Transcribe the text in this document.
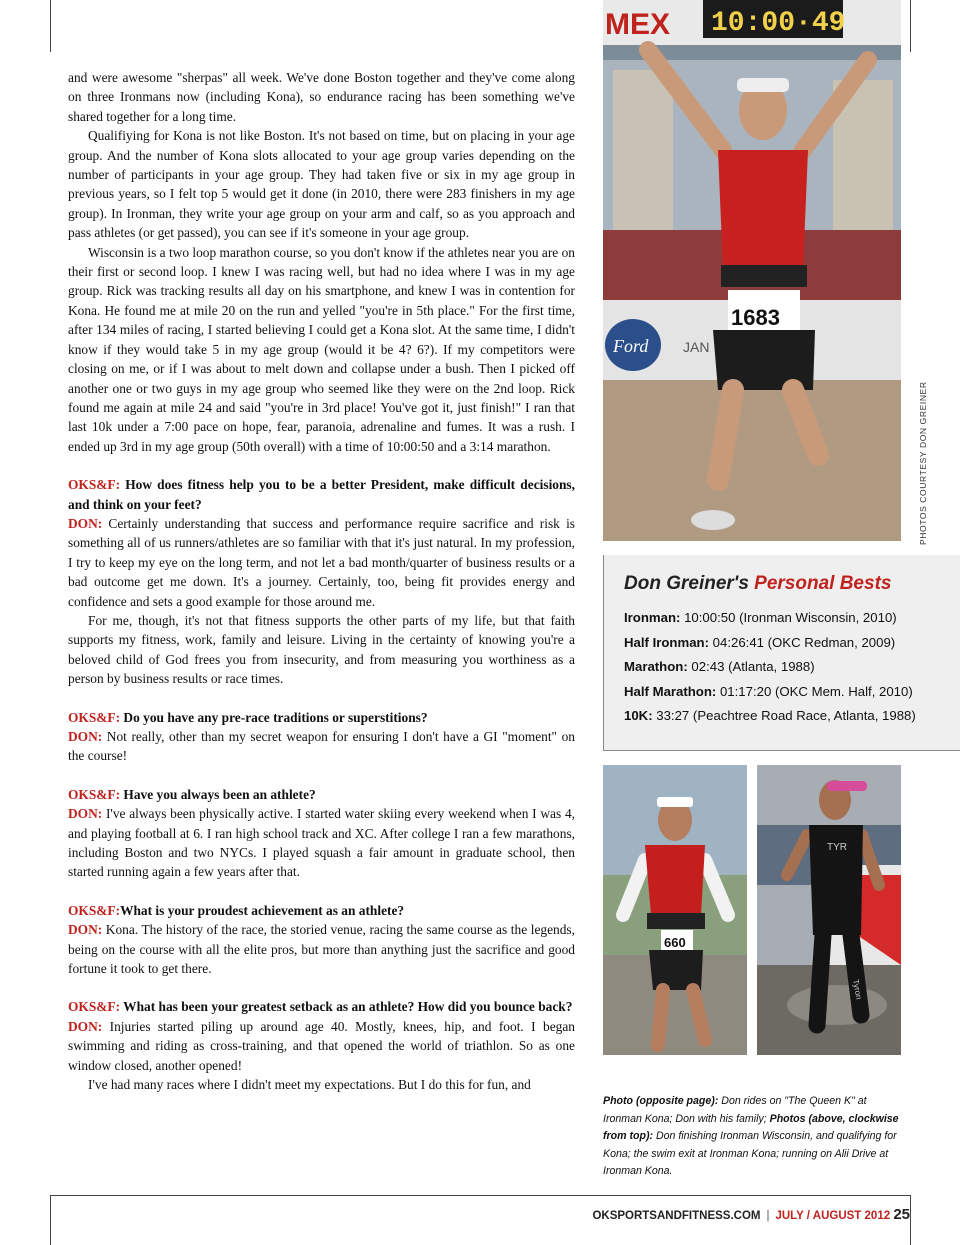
and were awesome "sherpas" all week. We've done Boston together and they've come along on three Ironmans now (including Kona), so endurance racing has been something we've shared together for a long time.

Qualifiying for Kona is not like Boston. It's not based on time, but on placing in your age group. And the number of Kona slots allocated to your age group varies depending on the number of participants in your age group. They had taken five or six in my age group in previous years, so I felt top 5 would get it done (in 2010, there were 283 finishers in my age group). In Ironman, they write your age group on your arm and calf, so as you approach and pass athletes (or get passed), you can see if it's someone in your age group.

Wisconsin is a two loop marathon course, so you don't know if the athletes near you are on their first or second loop. I knew I was racing well, but had no idea where I was in my age group. Rick was tracking results all day on his smartphone, and knew I was in contention for Kona. He found me at mile 20 on the run and yelled "you're in 5th place." For the first time, after 134 miles of racing, I started believing I could get a Kona slot. At the same time, I didn't know if they would take 5 in my age group (would it be 4? 6?). If my competitors were closing on me, or if I was about to melt down and collapse under a bush. Then I picked off another one or two guys in my age group who seemed like they were on the 2nd loop. Rick found me again at mile 24 and said "you're in 3rd place! You've got it, just finish!" I ran that last 10k under a 7:00 pace on hope, fear, paranoia, adrenaline and fumes. It was a rush. I ended up 3rd in my age group (50th overall) with a time of 10:00:50 and a 3:14 marathon.

OKS&F: How does fitness help you to be a better President, make difficult decisions, and think on your feet?

DON: Certainly understanding that success and performance require sacrifice and risk is something all of us runners/athletes are so familiar with that it's just natural. In my profession, I try to keep my eye on the long term, and not let a bad month/quarter of business results or a bad outcome get me down. It's a journey. Certainly, too, being fit provides energy and confidence and sets a good example for those around me.

For me, though, it's not that fitness supports the other parts of my life, but that faith supports my fitness, work, family and leisure. Living in the certainty of knowing you're a beloved child of God frees you from insecurity, and from measuring you worthiness as a person by business results or race times.

OKS&F: Do you have any pre-race traditions or superstitions?

DON: Not really, other than my secret weapon for ensuring I don't have a GI "moment" on the course!

OKS&F: Have you always been an athlete?

DON: I've always been physically active. I started water skiing every weekend when I was 4, and playing football at 6. I ran high school track and XC. After college I ran a few marathons, including Boston and two NYCs. I played squash a fair amount in graduate school, then started running again a few years after that.

OKS&F:What is your proudest achievement as an athlete?

DON: Kona. The history of the race, the storied venue, racing the same course as the legends, being on the course with all the elite pros, but more than anything just the sacrifice and good fortune it took to get there.

OKS&F: What has been your greatest setback as an athlete? How did you bounce back?

DON: Injuries started piling up around age 40. Mostly, knees, hip, and foot. I began swimming and riding as cross-training, and that opened the world of triathlon. So as one window closed, another opened!

I've had many races where I didn't meet my expectations. But I do this for fun, and

MEX 10:00·49
Ford JAN
1683
PHOTOS COURTESY DON GREINER
Don Greiner's Personal Bests
Ironman: 10:00:50 (Ironman Wisconsin, 2010)
Half Ironman: 04:26:41 (OKC Redman, 2009)
Marathon: 02:43 (Atlanta, 1988)
Half Marathon: 01:17:20 (OKC Mem. Half, 2010)
10K: 33:27 (Peachtree Road Race, Atlanta, 1988)
660
TYR
Tyron
Photo (opposite page): Don rides on "The Queen K" at Ironman Kona; Don with his family; Photos (above, clockwise from top): Don finishing Ironman Wisconsin, and qualifying for Kona; the swim exit at Ironman Kona; running on Alii Drive at Ironman Kona.
OKSPORTSANDFITNESS.COM | JULY / AUGUST 2012 25
